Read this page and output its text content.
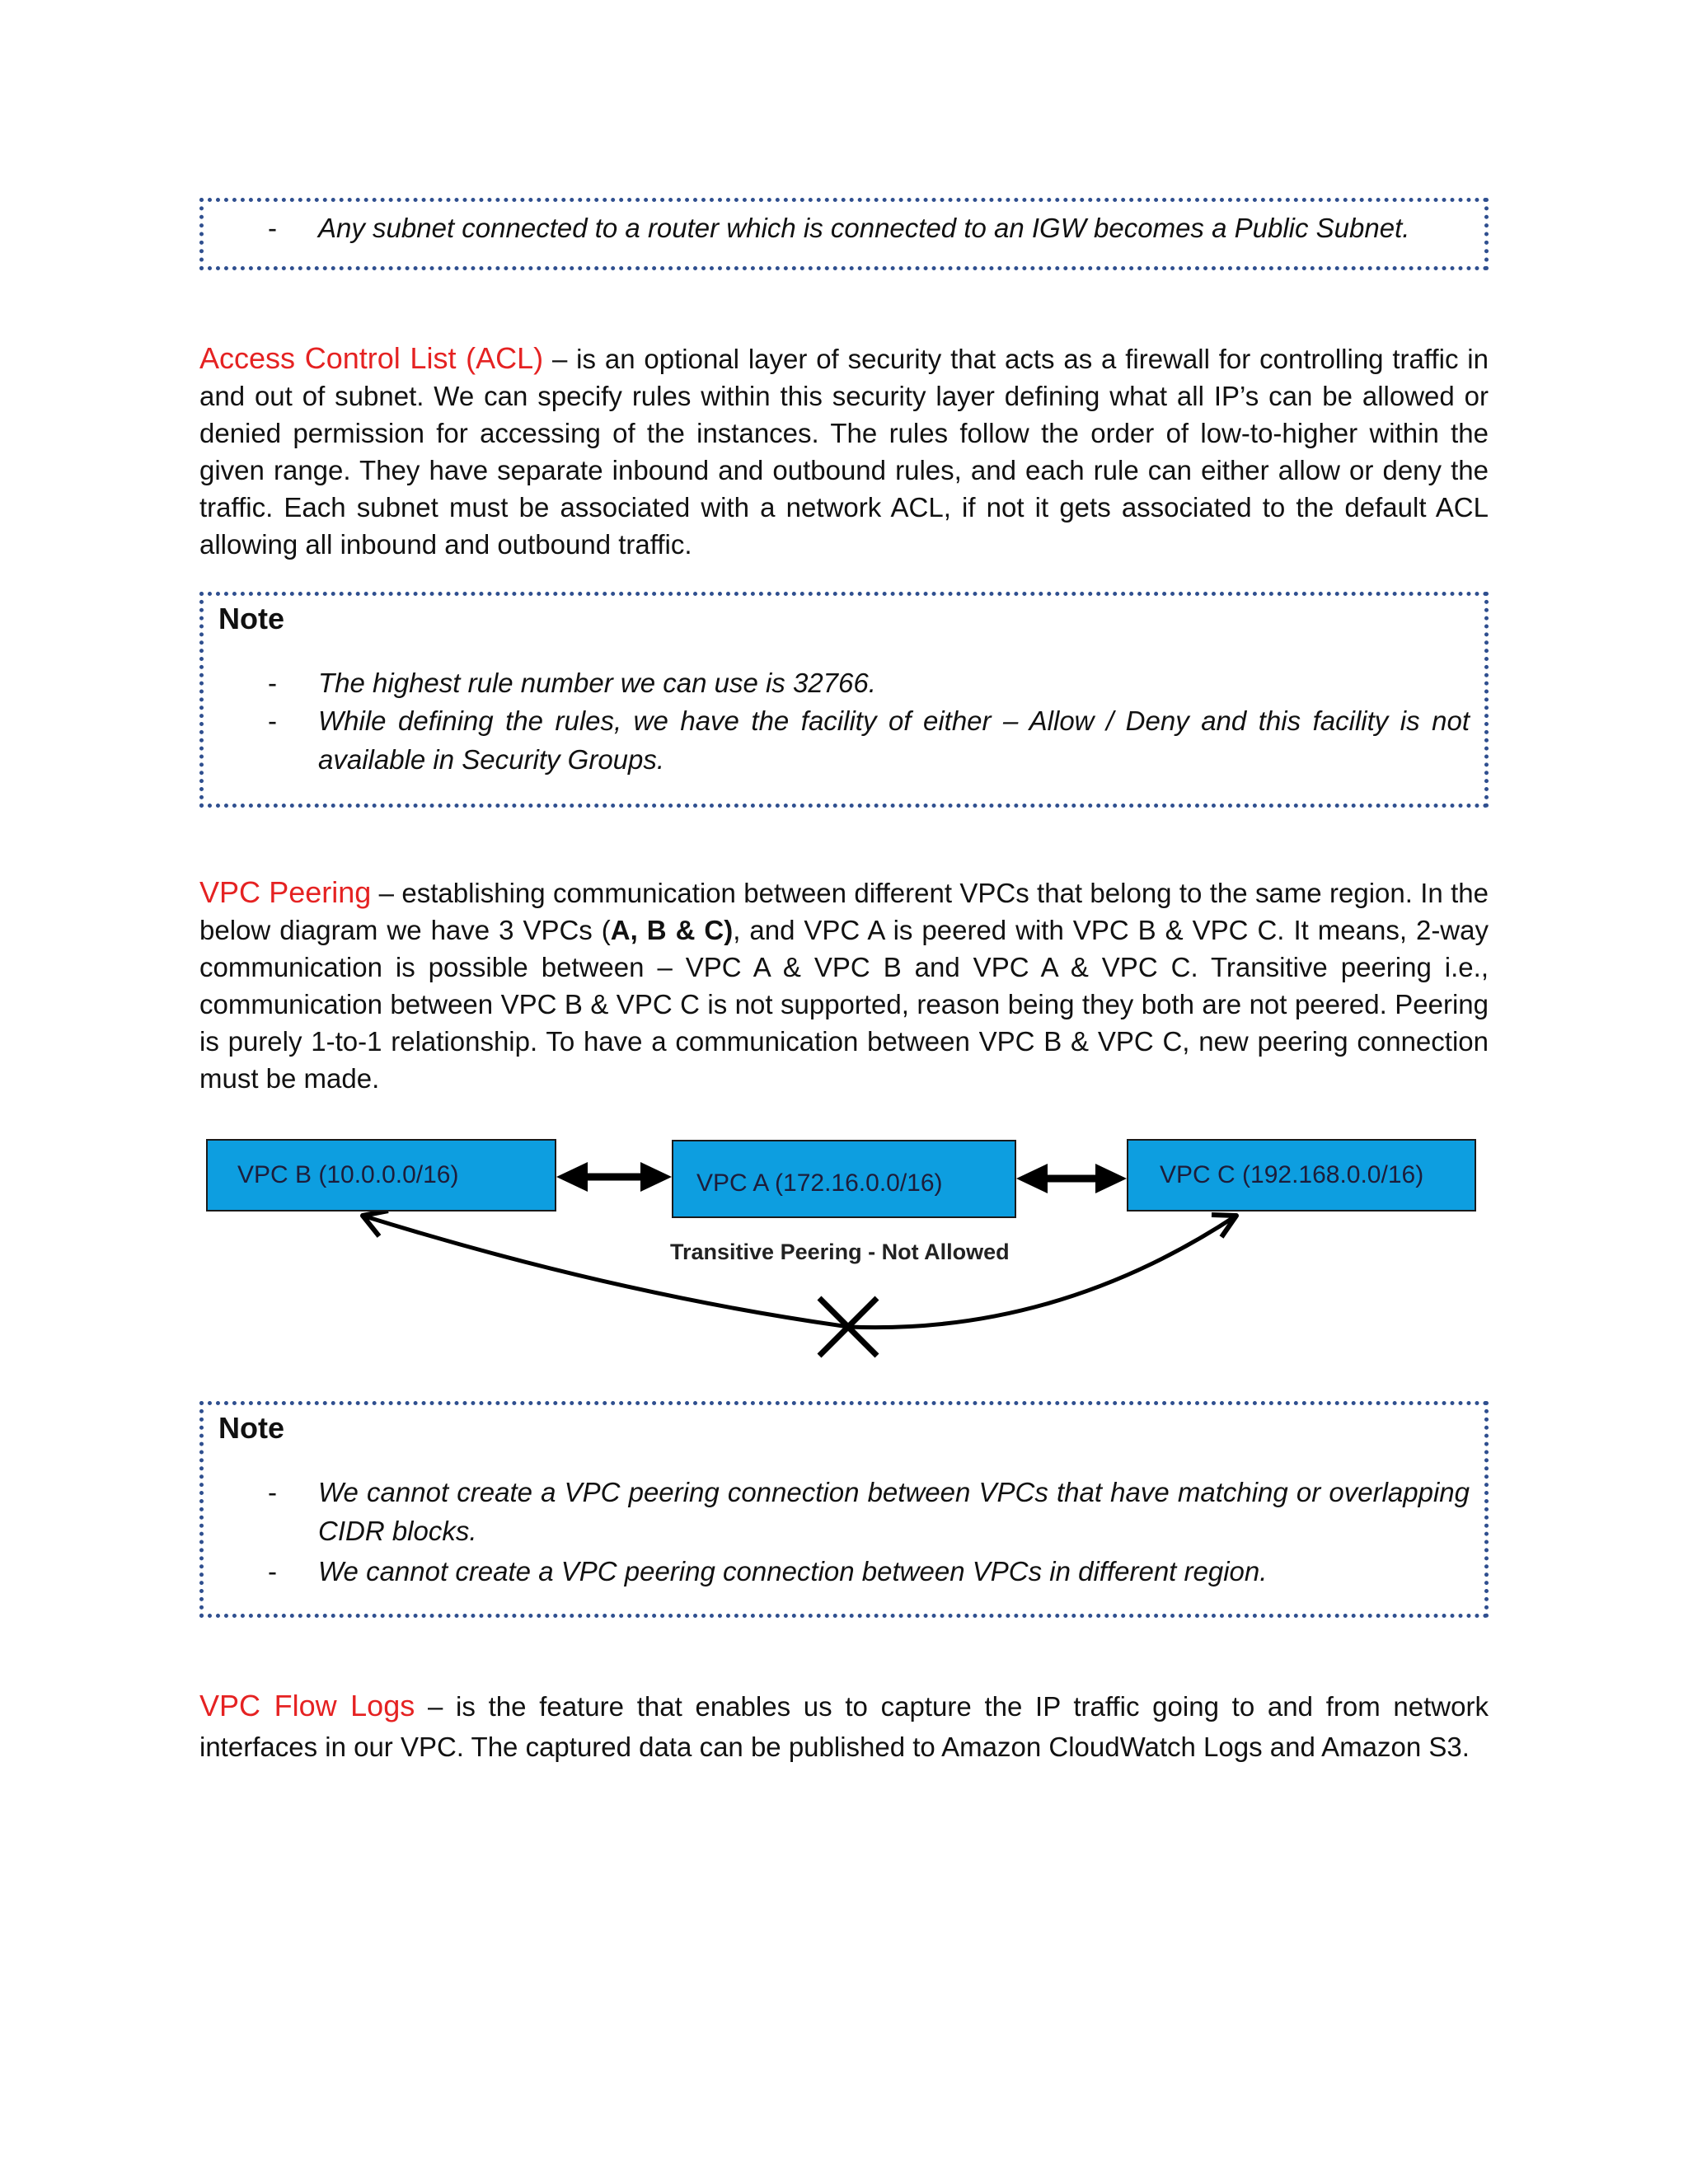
- Any subnet connected to a router which is connected to an IGW becomes a Public Subnet.

Access Control List (ACL) – is an optional layer of security that acts as a firewall for controlling traffic in and out of subnet. We can specify rules within this security layer defining what all IP’s can be allowed or denied permission for accessing of the instances. The rules follow the order of low-to-higher within the given range. They have separate inbound and outbound rules, and each rule can either allow or deny the traffic. Each subnet must be associated with a network ACL, if not it gets associated to the default ACL allowing all inbound and outbound traffic.

Note
- The highest rule number we can use is 32766.
- While defining the rules, we have the facility of either – Allow / Deny and this facility is not available in Security Groups.

VPC Peering – establishing communication between different VPCs that belong to the same region. In the below diagram we have 3 VPCs (A, B & C), and VPC A is peered with VPC B & VPC C. It means, 2-way communication is possible between – VPC A & VPC B and VPC A & VPC C. Transitive peering i.e., communication between VPC B & VPC C is not supported, reason being they both are not peered. Peering is purely 1-to-1 relationship. To have a communication between VPC B & VPC C, new peering connection must be made.

VPC B (10.0.0.0/16)	VPC A (172.16.0.0/16)	VPC C (192.168.0.0/16)
Transitive Peering - Not Allowed
Note
- We cannot create a VPC peering connection between VPCs that have matching or overlapping CIDR blocks.
- We cannot create a VPC peering connection between VPCs in different region.

VPC Flow Logs – is the feature that enables us to capture the IP traffic going to and from network interfaces in our VPC. The captured data can be published to Amazon CloudWatch Logs and Amazon S3.
